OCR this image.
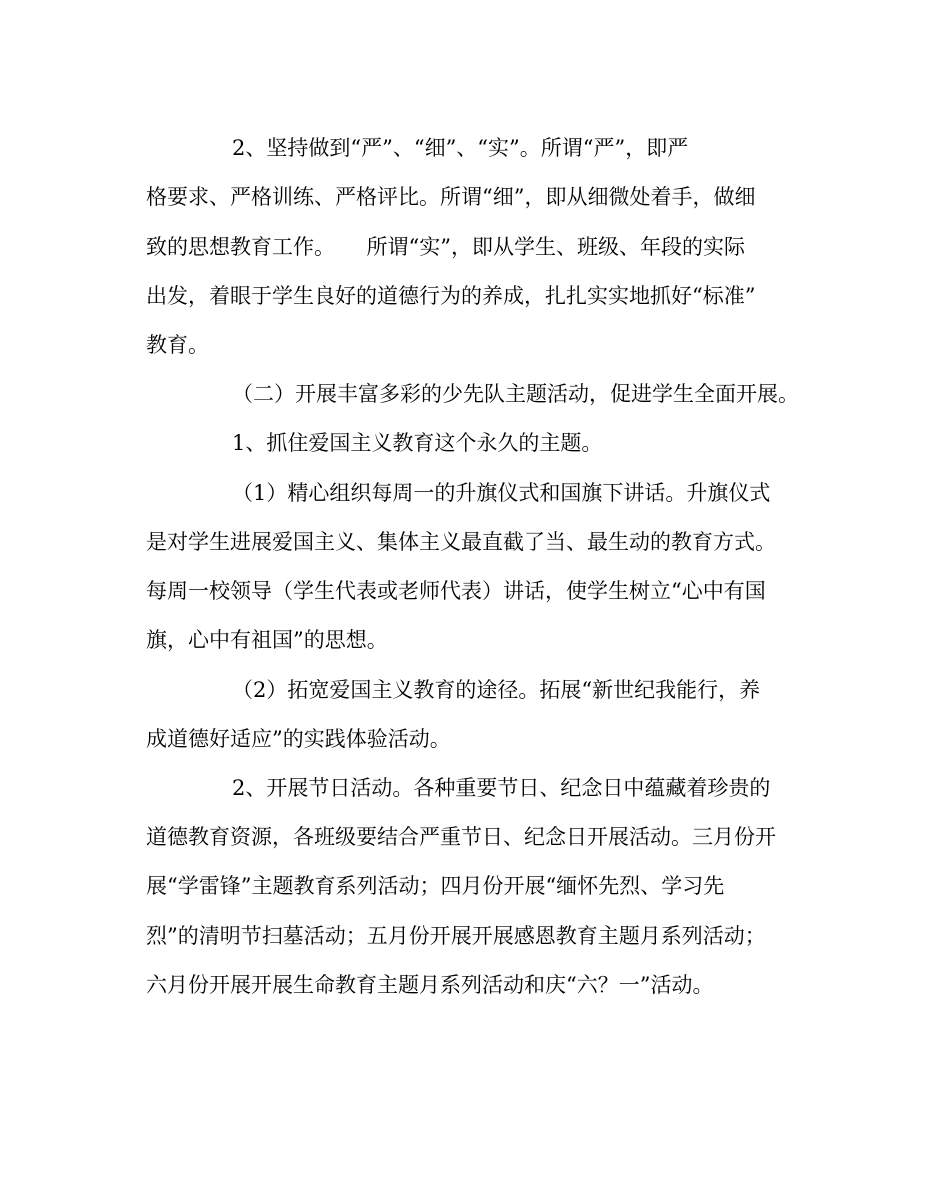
2、坚持做到“严”、“细”、“实”。所谓“严”，即严
格要求、严格训练、严格评比。所谓“细”，即从细微处着手，做细
致的思想教育工作。　　所谓“实”，即从学生、班级、年段的实际
出发，着眼于学生良好的道德行为的养成，扎扎实实地抓好“标准”
教育。
（二）开展丰富多彩的少先队主题活动，促进学生全面开展。
1、抓住爱国主义教育这个永久的主题。
（1）精心组织每周一的升旗仪式和国旗下讲话。升旗仪式
是对学生进展爱国主义、集体主义最直截了当、最生动的教育方式。
每周一校领导（学生代表或老师代表）讲话，使学生树立“心中有国
旗，心中有祖国”的思想。
（2）拓宽爱国主义教育的途径。拓展“新世纪我能行，养
成道德好适应”的实践体验活动。
2、开展节日活动。各种重要节日、纪念日中蕴藏着珍贵的
道德教育资源，各班级要结合严重节日、纪念日开展活动。三月份开
展“学雷锋”主题教育系列活动；四月份开展“缅怀先烈、学习先
烈”的清明节扫墓活动；五月份开展开展感恩教育主题月系列活动；
六月份开展开展生命教育主题月系列活动和庆“六？一”活动。
